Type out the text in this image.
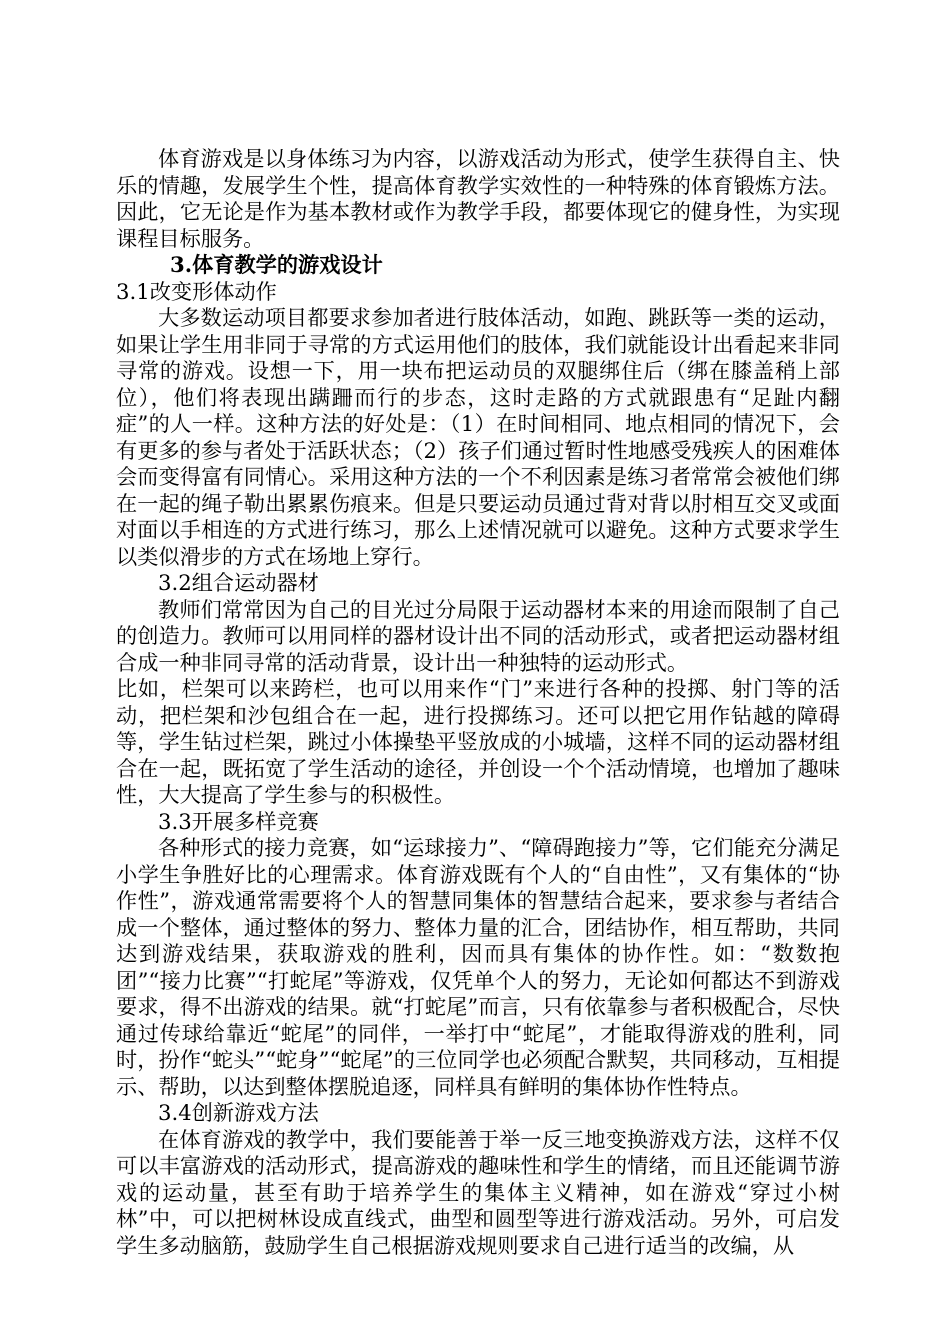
体育游戏是以身体练习为内容，以游戏活动为形式，使学生获得自主、快乐的情趣，发展学生个性，提高体育教学实效性的一种特殊的体育锻炼方法。因此，它无论是作为基本教材或作为教学手段，都要体现它的健身性，为实现课程目标服务。

3.体育教学的游戏设计

3.1改变形体动作

大多数运动项目都要求参加者进行肢体活动，如跑、跳跃等一类的运动，如果让学生用非同于寻常的方式运用他们的肢体，我们就能设计出看起来非同寻常的游戏。设想一下，用一块布把运动员的双腿绑住后（绑在膝盖稍上部位），他们将表现出蹒跚而行的步态，这时走路的方式就跟患有“足趾内翻症”的人一样。这种方法的好处是：（1）在时间相同、地点相同的情况下，会有更多的参与者处于活跃状态；（2）孩子们通过暂时性地感受残疾人的困难体会而变得富有同情心。采用这种方法的一个不利因素是练习者常常会被他们绑在一起的绳子勒出累累伤痕来。但是只要运动员通过背对背以肘相互交叉或面对面以手相连的方式进行练习，那么上述情况就可以避免。这种方式要求学生以类似滑步的方式在场地上穿行。

3.2组合运动器材

教师们常常因为自己的目光过分局限于运动器材本来的用途而限制了自己的创造力。教师可以用同样的器材设计出不同的活动形式，或者把运动器材组合成一种非同寻常的活动背景，设计出一种独特的运动形式。

比如，栏架可以来跨栏，也可以用来作“门”来进行各种的投掷、射门等的活动，把栏架和沙包组合在一起，进行投掷练习。还可以把它用作钻越的障碍等，学生钻过栏架，跳过小体操垫平竖放成的小城墙，这样不同的运动器材组合在一起，既拓宽了学生活动的途径，并创设一个个活动情境，也增加了趣味性，大大提高了学生参与的积极性。

3.3开展多样竞赛

各种形式的接力竞赛，如“运球接力”、“障碍跑接力”等，它们能充分满足小学生争胜好比的心理需求。体育游戏既有个人的“自由性”，又有集体的“协作性”，游戏通常需要将个人的智慧同集体的智慧结合起来，要求参与者结合成一个整体，通过整体的努力、整体力量的汇合，团结协作，相互帮助，共同达到游戏结果，获取游戏的胜利，因而具有集体的协作性。如：“数数抱团”“接力比赛”“打蛇尾”等游戏，仅凭单个人的努力，无论如何都达不到游戏要求，得不出游戏的结果。就“打蛇尾”而言，只有依靠参与者积极配合，尽快通过传球给靠近“蛇尾”的同伴，一举打中“蛇尾”，才能取得游戏的胜利，同时，扮作“蛇头”“蛇身”“蛇尾”的三位同学也必须配合默契，共同移动，互相提示、帮助，以达到整体摆脱追逐，同样具有鲜明的集体协作性特点。

3.4创新游戏方法

在体育游戏的教学中，我们要能善于举一反三地变换游戏方法，这样不仅可以丰富游戏的活动形式，提高游戏的趣味性和学生的情绪，而且还能调节游戏的运动量，甚至有助于培养学生的集体主义精神，如在游戏“穿过小树林”中，可以把树林设成直线式，曲型和圆型等进行游戏活动。另外，可启发学生多动脑筋，鼓励学生自己根据游戏规则要求自己进行适当的改编，从
